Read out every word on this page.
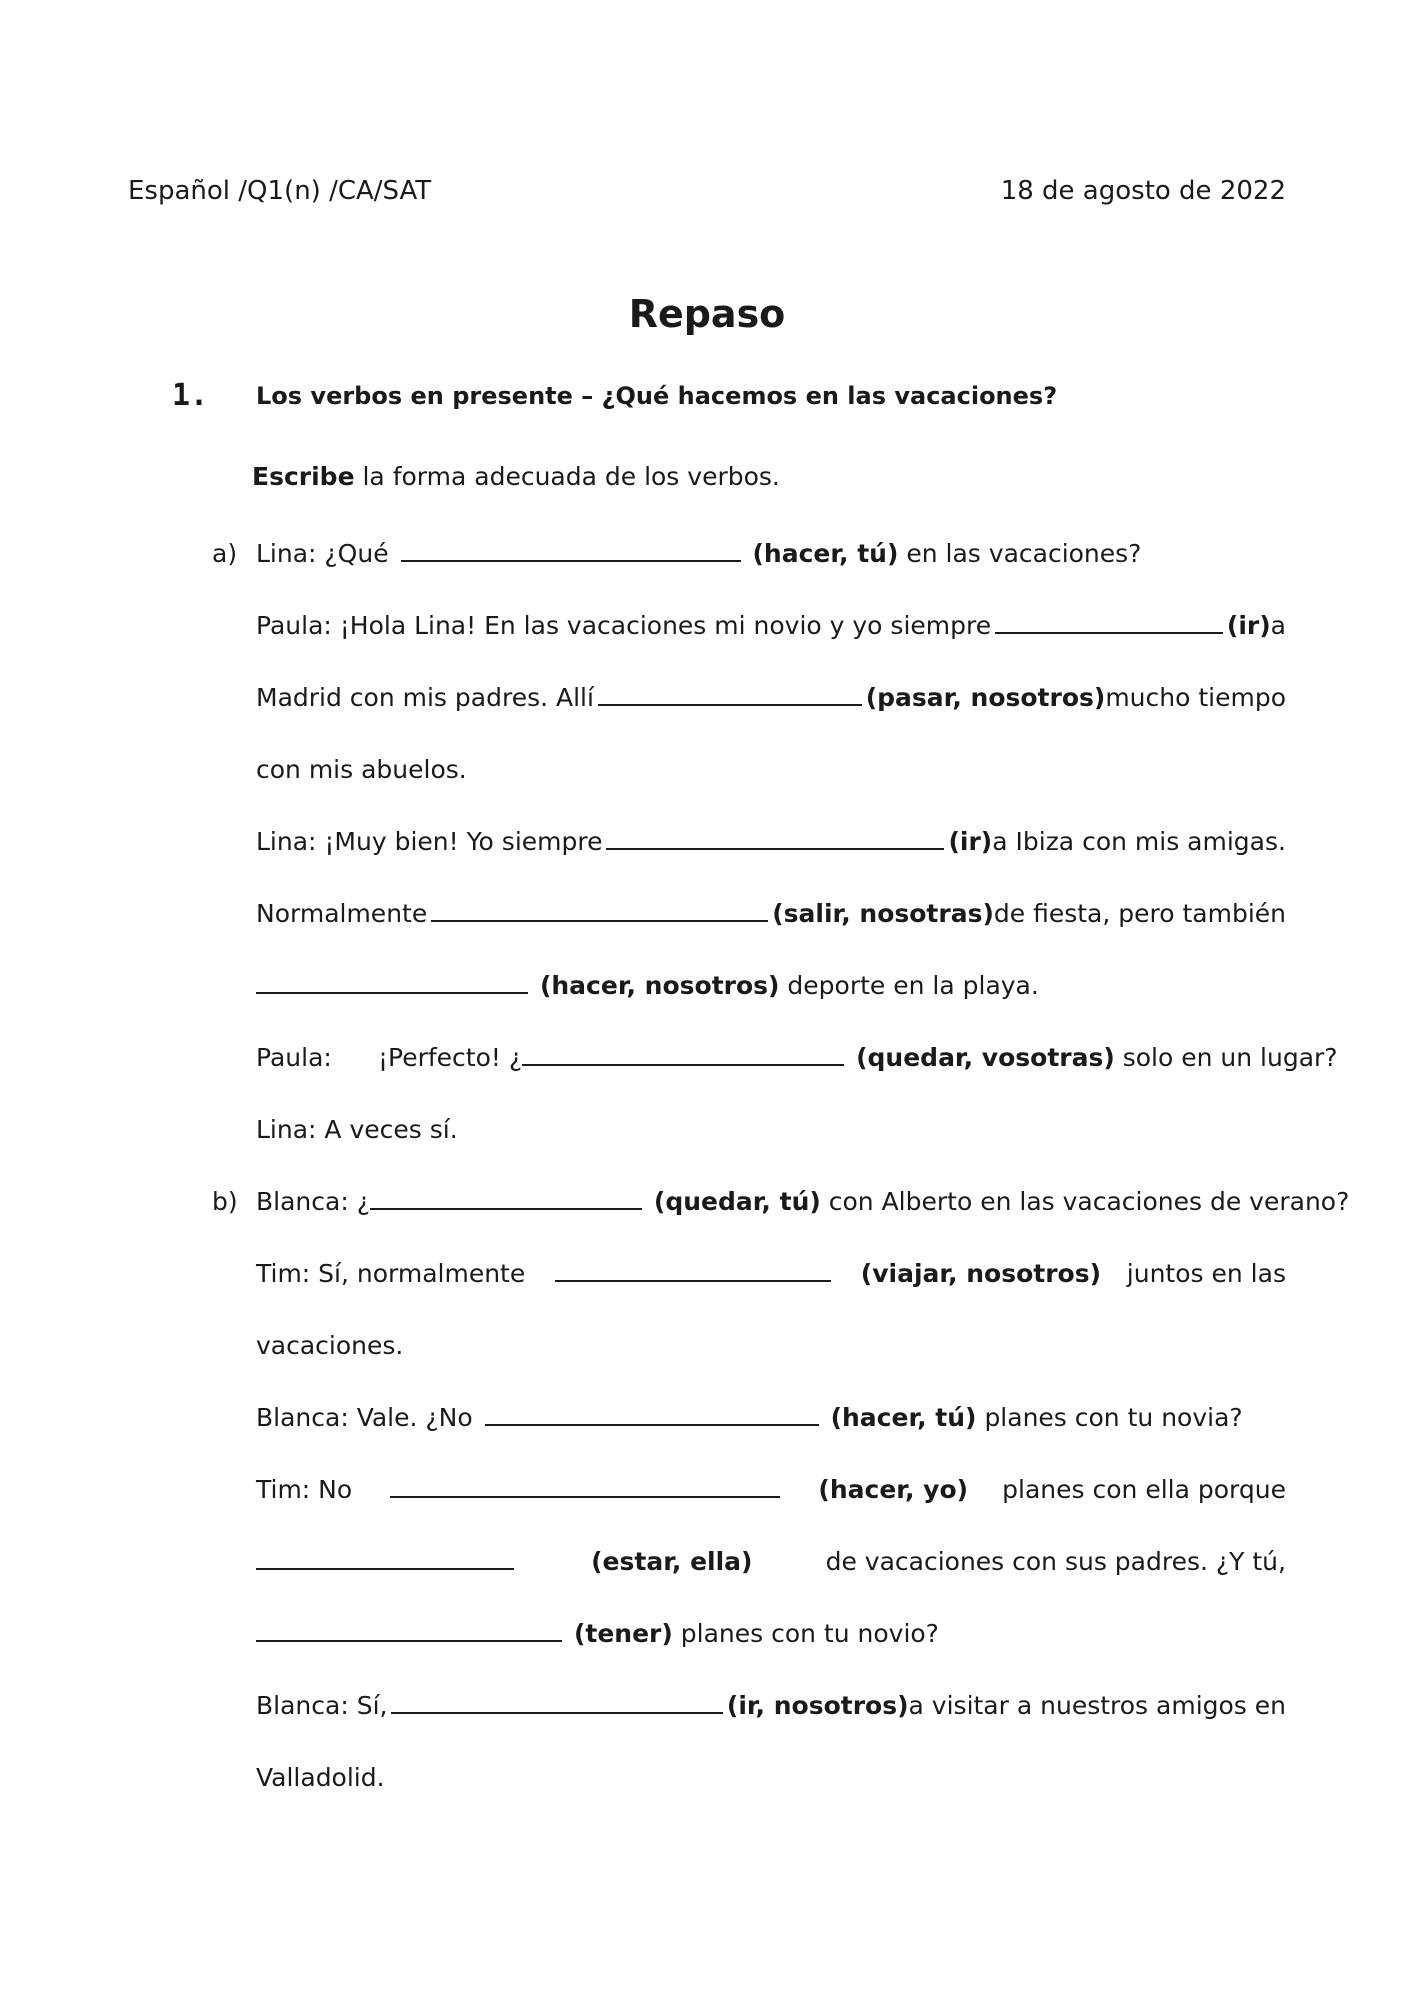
Español /Q1(n) /CA/SAT	18 de agosto de 2022
Repaso
1. Los verbos en presente – ¿Qué hacemos en las vacaciones?
Escribe la forma adecuada de los verbos.
a) Lina: ¿Qué	(hacer, tú) en las vacaciones?
Paula: ¡Hola Lina! En las vacaciones mi novio y yo siempre	(ir) a
Madrid con mis padres. Allí	(pasar, nosotros) mucho tiempo
con mis abuelos.
Lina: ¡Muy bien! Yo siempre	(ir) a Ibiza con mis amigas.
Normalmente	(salir, nosotras) de fiesta, pero también
(hacer, nosotros) deporte en la playa.
Paula: ¡Perfecto! ¿	(quedar, vosotras) solo en un lugar?
Lina: A veces sí.
b) Blanca: ¿	(quedar, tú) con Alberto en las vacaciones de verano?
Tim: Sí, normalmente	(viajar, nosotros) juntos en las
vacaciones.
Blanca: Vale. ¿No	(hacer, tú) planes con tu novia?
Tim: No	(hacer, yo) planes con ella porque
(estar, ella)	de vacaciones con sus padres. ¿Y tú,
(tener) planes con tu novio?
Blanca: Sí,	(ir, nosotros) a visitar a nuestros amigos en
Valladolid.
